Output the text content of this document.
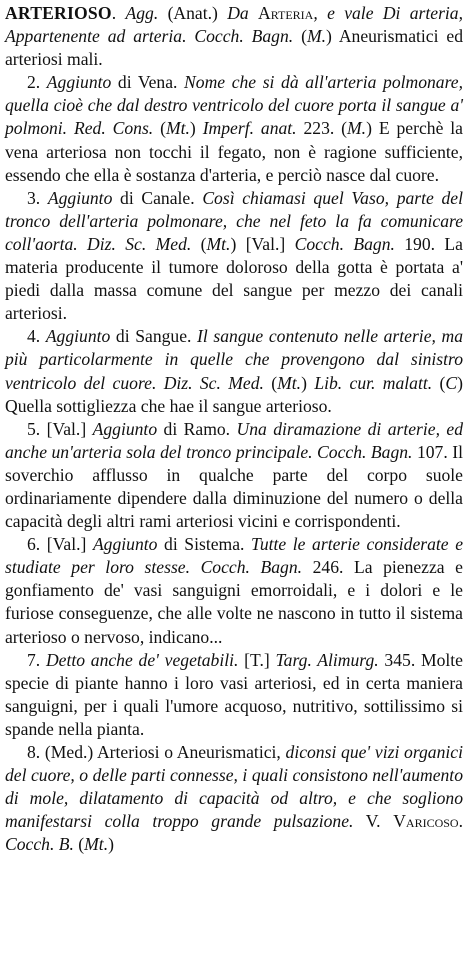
ARTERIOSO. Agg. (Anat.) Da Arteria, e vale Di arteria, Appartenente ad arteria. Cocch. Bagn. (M.) Aneurismatici ed arteriosi mali.

2. Aggiunto di Vena. Nome che si dà all'arteria polmonare, quella cioè che dal destro ventricolo del cuore porta il sangue a' polmoni. Red. Cons. (Mt.) Imperf. anat. 223. (M.) E perchè la vena arteriosa non tocchi il fegato, non è ragione sufficiente, essendo che ella è sostanza d'arteria, e perciò nasce dal cuore.

3. Aggiunto di Canale. Così chiamasi quel Vaso, parte del tronco dell'arteria polmonare, che nel feto la fa comunicare coll'aorta. Diz. Sc. Med. (Mt.) [Val.] Cocch. Bagn. 190. La materia producente il tumore doloroso della gotta è portata a' piedi dalla massa comune del sangue per mezzo dei canali arteriosi.

4. Aggiunto di Sangue. Il sangue contenuto nelle arterie, ma più particolarmente in quelle che provengono dal sinistro ventricolo del cuore. Diz. Sc. Med. (Mt.) Lib. cur. malatt. (C) Quella sottigliezza che hae il sangue arterioso.

5. [Val.] Aggiunto di Ramo. Una diramazione di arterie, ed anche un'arteria sola del tronco principale. Cocch. Bagn. 107. Il soverchio afflusso in qualche parte del corpo suole ordinariamente dipendere dalla diminuzione del numero o della capacità degli altri rami arteriosi vicini e corrispondenti.

6. [Val.] Aggiunto di Sistema. Tutte le arterie considerate e studiate per loro stesse. Cocch. Bagn. 246. La pienezza e gonfiamento de' vasi sanguigni emorroidali, e i dolori e le furiose conseguenze, che alle volte ne nascono in tutto il sistema arterioso o nervoso, indicano...

7. Detto anche de' vegetabili. [T.] Targ. Alimurg. 345. Molte specie di piante hanno i loro vasi arteriosi, ed in certa maniera sanguigni, per i quali l'umore acquoso, nutritivo, sottilissimo si spande nella pianta.

8. (Med.) Arteriosi o Aneurismatici, diconsi que' vizi organici del cuore, o delle parti connesse, i quali consistono nell'aumento di mole, dilatamento di capacità od altro, e che sogliono manifestarsi colla troppo grande pulsazione. V. Varicoso. Cocch. B. (Mt.)
